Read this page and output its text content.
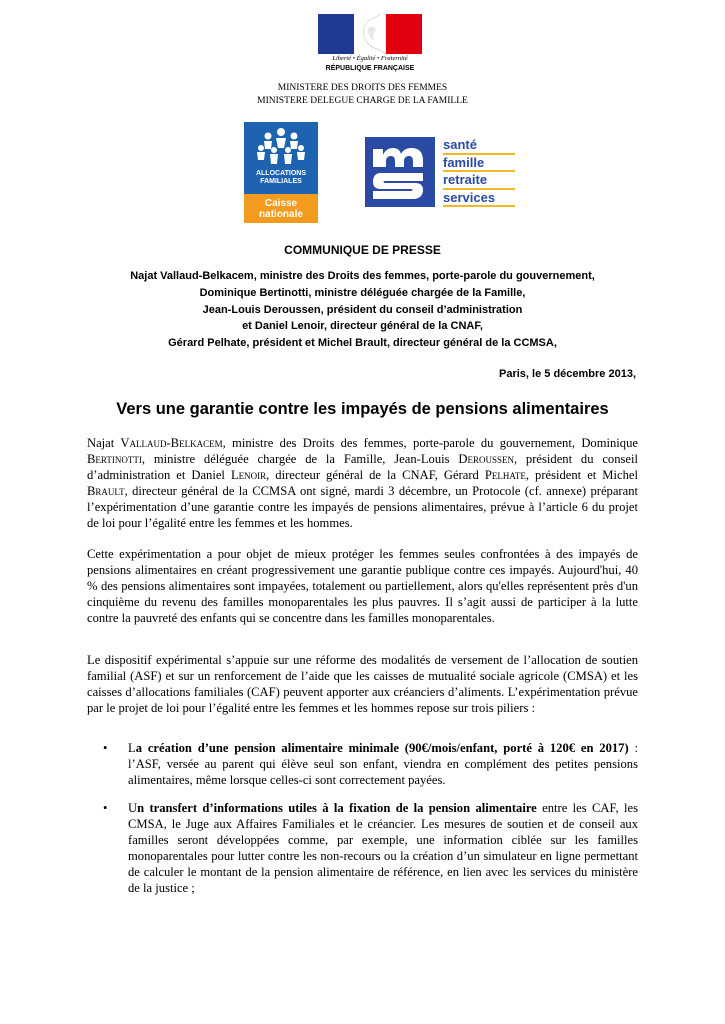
Liberté • Égalité • Fraternité
RÉPUBLIQUE FRANÇAISE
MINISTERE DES DROITS DES FEMMES
MINISTERE DELEGUE CHARGE DE LA FAMILLE
ALLOCATIONS
FAMILIALES
Caisse
nationale
santé
famille
retraite
services
COMMUNIQUE DE PRESSE
Najat Vallaud-Belkacem, ministre des Droits des femmes, porte-parole du gouvernement,
Dominique Bertinotti, ministre déléguée chargée de la Famille,
Jean-Louis Deroussen, président du conseil d’administration
et Daniel Lenoir, directeur général de la CNAF,
Gérard Pelhate, président et Michel Brault, directeur général de la CCMSA,
Paris, le 5 décembre 2013,
Vers une garantie contre les impayés de pensions alimentaires
Najat Vallaud-Belkacem, ministre des Droits des femmes, porte-parole du gouvernement, Dominique Bertinotti, ministre déléguée chargée de la Famille, Jean-Louis Deroussen, président du conseil d’administration et Daniel Lenoir, directeur général de la CNAF, Gérard Pelhate, président et Michel Brault, directeur général de la CCMSA ont signé, mardi 3 décembre, un Protocole (cf. annexe) préparant l’expérimentation d’une garantie contre les impayés de pensions alimentaires, prévue à l’article 6 du projet de loi pour l’égalité entre les femmes et les hommes.
Cette expérimentation a pour objet de mieux protéger les femmes seules confrontées à des impayés de pensions alimentaires en créant progressivement une garantie publique contre ces impayés. Aujourd'hui, 40 % des pensions alimentaires sont impayées, totalement ou partiellement, alors qu'elles représentent près d'un cinquième du revenu des familles monoparentales les plus pauvres. Il s’agit aussi de participer à la lutte contre la pauvreté des enfants qui se concentre dans les familles monoparentales.
Le dispositif expérimental s’appuie sur une réforme des modalités de versement de l’allocation de soutien familial (ASF) et sur un renforcement de l’aide que les caisses de mutualité sociale agricole (CMSA) et les caisses d’allocations familiales (CAF) peuvent apporter aux créanciers d’aliments. L’expérimentation prévue par le projet de loi pour l’égalité entre les femmes et les hommes repose sur trois piliers :
• La création d’une pension alimentaire minimale (90€/mois/enfant, porté à 120€ en 2017) : l’ASF, versée au parent qui élève seul son enfant, viendra en complément des petites pensions alimentaires, même lorsque celles-ci sont correctement payées.
• Un transfert d’informations utiles à la fixation de la pension alimentaire entre les CAF, les CMSA, le Juge aux Affaires Familiales et le créancier. Les mesures de soutien et de conseil aux familles seront développées comme, par exemple, une information ciblée sur les familles monoparentales pour lutter contre les non-recours ou la création d’un simulateur en ligne permettant de calculer le montant de la pension alimentaire de référence, en lien avec les services du ministère de la justice ;
